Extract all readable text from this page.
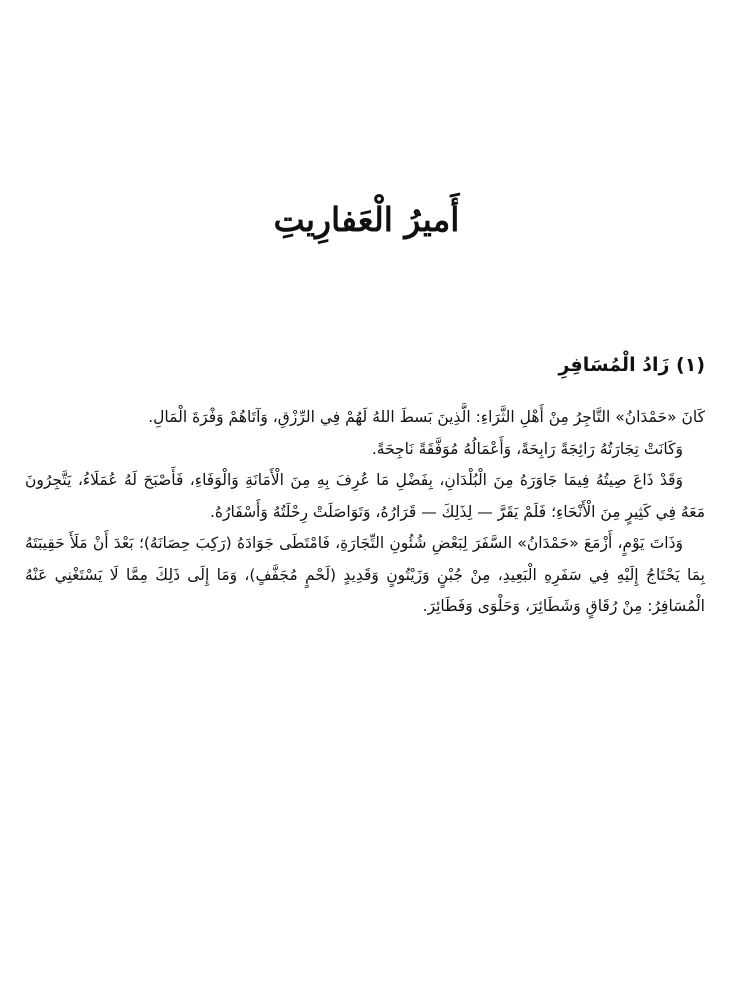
أَميرُ الْعَفارِيتِ
(١) زَادُ الْمُسَافِرِ

كَانَ «حَمْدَانُ» التَّاجِرُ مِنْ أَهْلِ الثَّرَاءِ: الَّذِينَ بَسطَ اللهُ لَهُمْ فِي الرِّزْقِ، وَآتَاهُمْ وَفْرَةَ الْمَالِ.

وَكَانَتْ تِجَارَتُهُ رَائِجَةً رَابِحَةً، وَأَعْمَالُهُ مُوَفَّقَةً نَاجِحَةً.

وَقَدْ ذَاعَ صِيتُهُ فِيمَا جَاوَرَهُ مِنَ الْبُلْدَانِ، بِفَضْلِ مَا عُرِفَ بِهِ مِنَ الْأَمَانَةِ وَالْوَفَاءِ، فَأَصْبَحَ لَهُ عُمَلَاءُ، يَتَّجِرُونَ مَعَهُ فِي كَثِيرٍ مِنَ الْأَنْحَاءِ؛ فَلَمْ يَقَرَّ — لِذَلِكَ — قَرَارُهُ، وَتَوَاصَلَتْ رِحْلَتُهُ وَأَسْفَارُهُ.

وَذَاتَ يَوْمٍ، أَزْمَعَ «حَمْدَانُ» السَّفَرَ لِبَعْضِ شُئُونِ التِّجَارَةِ، فَامْتَطَى جَوَادَهُ (رَكِبَ حِصَانَهُ)؛ بَعْدَ أَنْ مَلَأَ حَقِيبَتَهُ بِمَا يَحْتَاجُ إِلَيْهِ فِي سَفَرِهِ الْبَعِيدِ، مِنْ جُبْنٍ وَزَيْتُونٍ وَقَدِيدٍ (لَحْمٍ مُجَفَّفٍ)، وَمَا إِلَى ذَلِكَ مِمَّا لَا يَسْتَغْنِي عَنْهُ الْمُسَافِرُ: مِنْ رُقَاقٍ وَشَطَائِرَ، وَحَلْوَى وَفَطَائِرَ.
